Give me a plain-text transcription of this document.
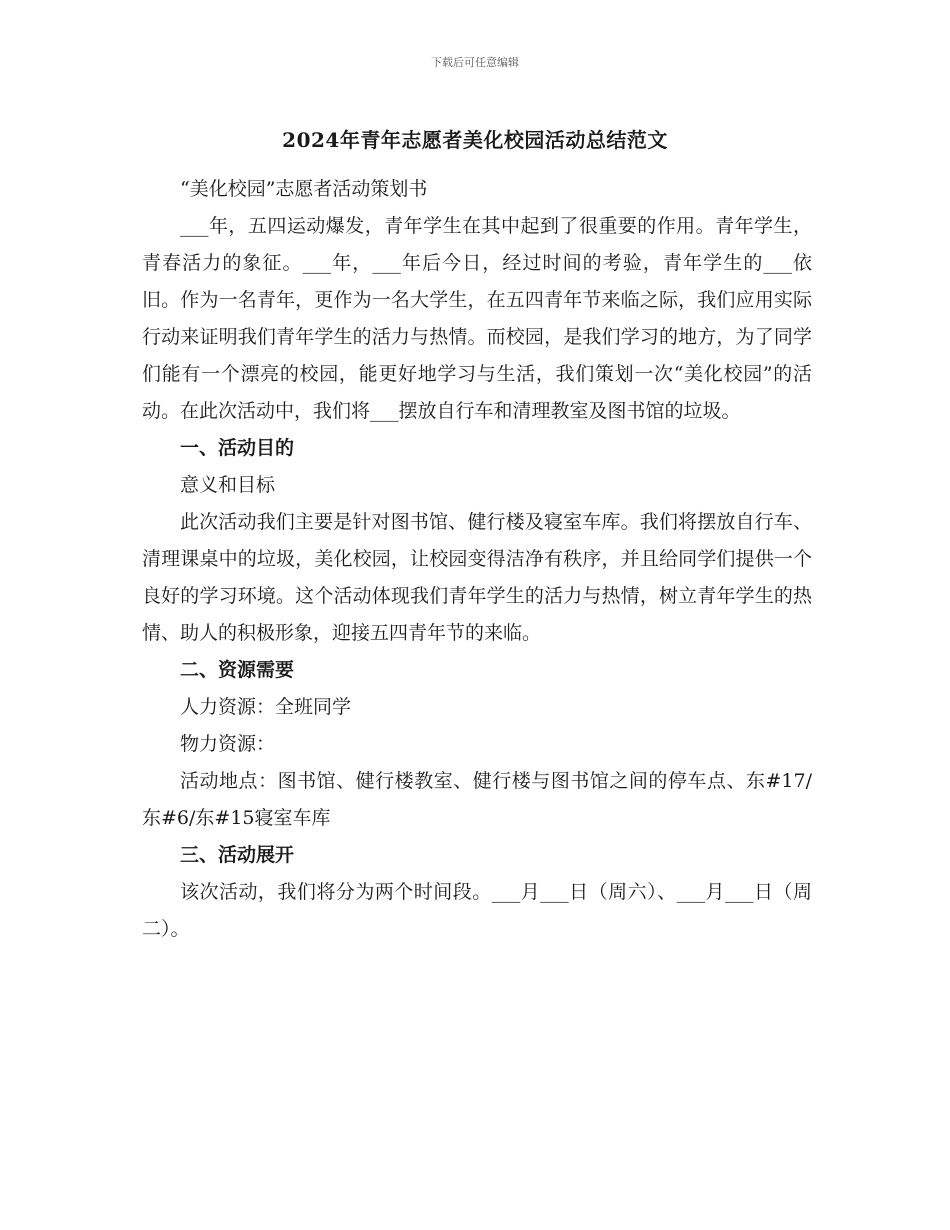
下载后可任意编辑
2024年青年志愿者美化校园活动总结范文

“美化校园”志愿者活动策划书

___年，五四运动爆发，青年学生在其中起到了很重要的作用。青年学生，青春活力的象征。___年，___年后今日，经过时间的考验，青年学生的___依旧。作为一名青年，更作为一名大学生，在五四青年节来临之际，我们应用实际行动来证明我们青年学生的活力与热情。而校园，是我们学习的地方，为了同学们能有一个漂亮的校园，能更好地学习与生活，我们策划一次“美化校园”的活动。在此次活动中，我们将___摆放自行车和清理教室及图书馆的垃圾。

一、活动目的

意义和目标

此次活动我们主要是针对图书馆、健行楼及寝室车库。我们将摆放自行车、清理课桌中的垃圾，美化校园，让校园变得洁净有秩序，并且给同学们提供一个良好的学习环境。这个活动体现我们青年学生的活力与热情，树立青年学生的热情、助人的积极形象，迎接五四青年节的来临。

二、资源需要

人力资源：全班同学

物力资源：

活动地点：图书馆、健行楼教室、健行楼与图书馆之间的停车点、东#17/东#6/东#15寝室车库

三、活动展开

该次活动，我们将分为两个时间段。___月___日（周六）、___月___日（周二）。
